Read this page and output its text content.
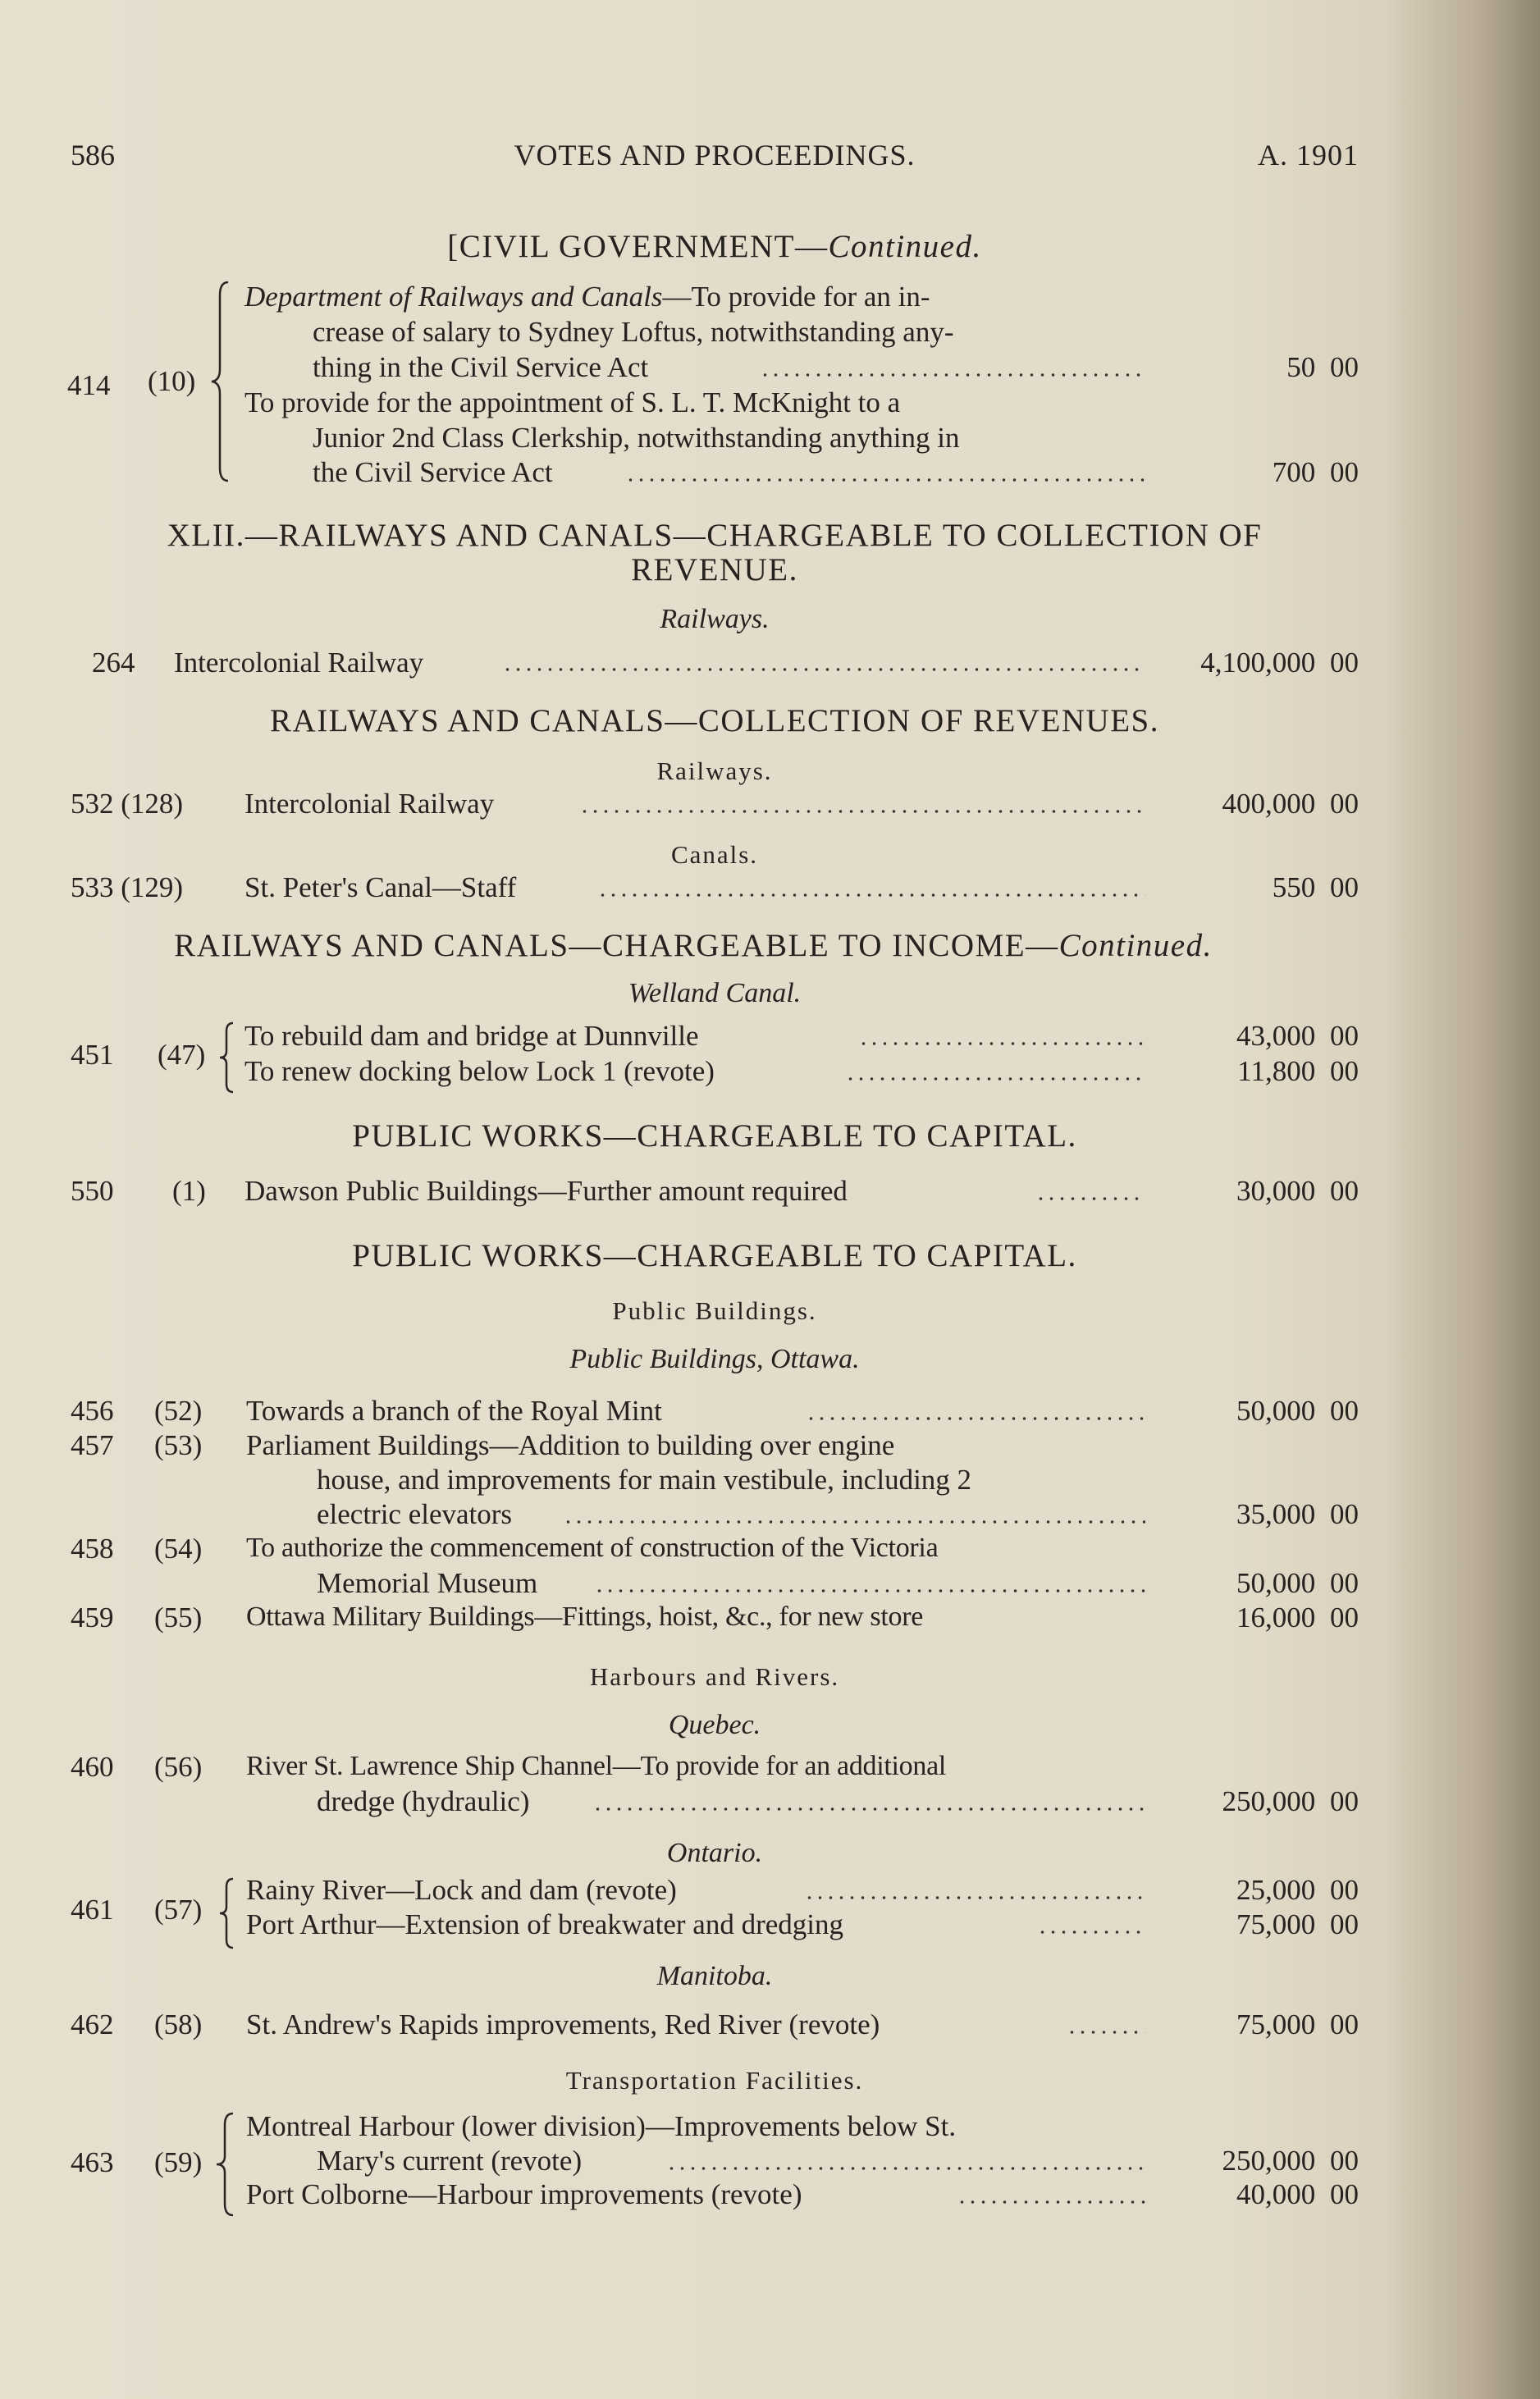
586	VOTES AND PROCEEDINGS.	A. 1901
[CIVIL GOVERNMENT—Continued.
414 (10)
Department of Railways and Canals—To provide for an in-
crease of salary to Sydney Loftus, notwithstanding any-
thing in the Civil Service Act	50 00
To provide for the appointment of S. L. T. McKnight to a
Junior 2nd Class Clerkship, notwithstanding anything in
the Civil Service Act	700 00
XLII.—RAILWAYS AND CANALS—CHARGEABLE TO COLLECTION OF
REVENUE.
Railways.
264 Intercolonial Railway	4,100,000 00
RAILWAYS AND CANALS—COLLECTION OF REVENUES.
Railways.
532 (128) Intercolonial Railway	400,000 00
Canals.
533 (129) St. Peter's Canal—Staff	550 00
RAILWAYS AND CANALS—CHARGEABLE TO INCOME—Continued.
Welland Canal.
451 (47)
To rebuild dam and bridge at Dunnville	43,000 00
To renew docking below Lock 1 (revote)	11,800 00
PUBLIC WORKS—CHARGEABLE TO CAPITAL.
550 (1) Dawson Public Buildings—Further amount required	30,000 00
PUBLIC WORKS—CHARGEABLE TO CAPITAL.
Public Buildings.
Public Buildings, Ottawa.
456 (52) Towards a branch of the Royal Mint	50,000 00
457 (53) Parliament Buildings—Addition to building over engine
house, and improvements for main vestibule, including 2
electric elevators	35,000 00
458 (54) To authorize the commencement of construction of the Victoria
Memorial Museum	50,000 00
459 (55) Ottawa Military Buildings—Fittings, hoist, &c., for new store	16,000 00
Harbours and Rivers.
Quebec.
460 (56) River St. Lawrence Ship Channel—To provide for an additional
dredge (hydraulic)	250,000 00
Ontario.
461 (57)
Rainy River—Lock and dam (revote)	25,000 00
Port Arthur—Extension of breakwater and dredging	75,000 00
Manitoba.
462 (58) St. Andrew's Rapids improvements, Red River (revote)	75,000 00
Transportation Facilities.
463 (59)
Montreal Harbour (lower division)—Improvements below St.
Mary's current (revote)	250,000 00
Port Colborne—Harbour improvements (revote)	40,000 00
